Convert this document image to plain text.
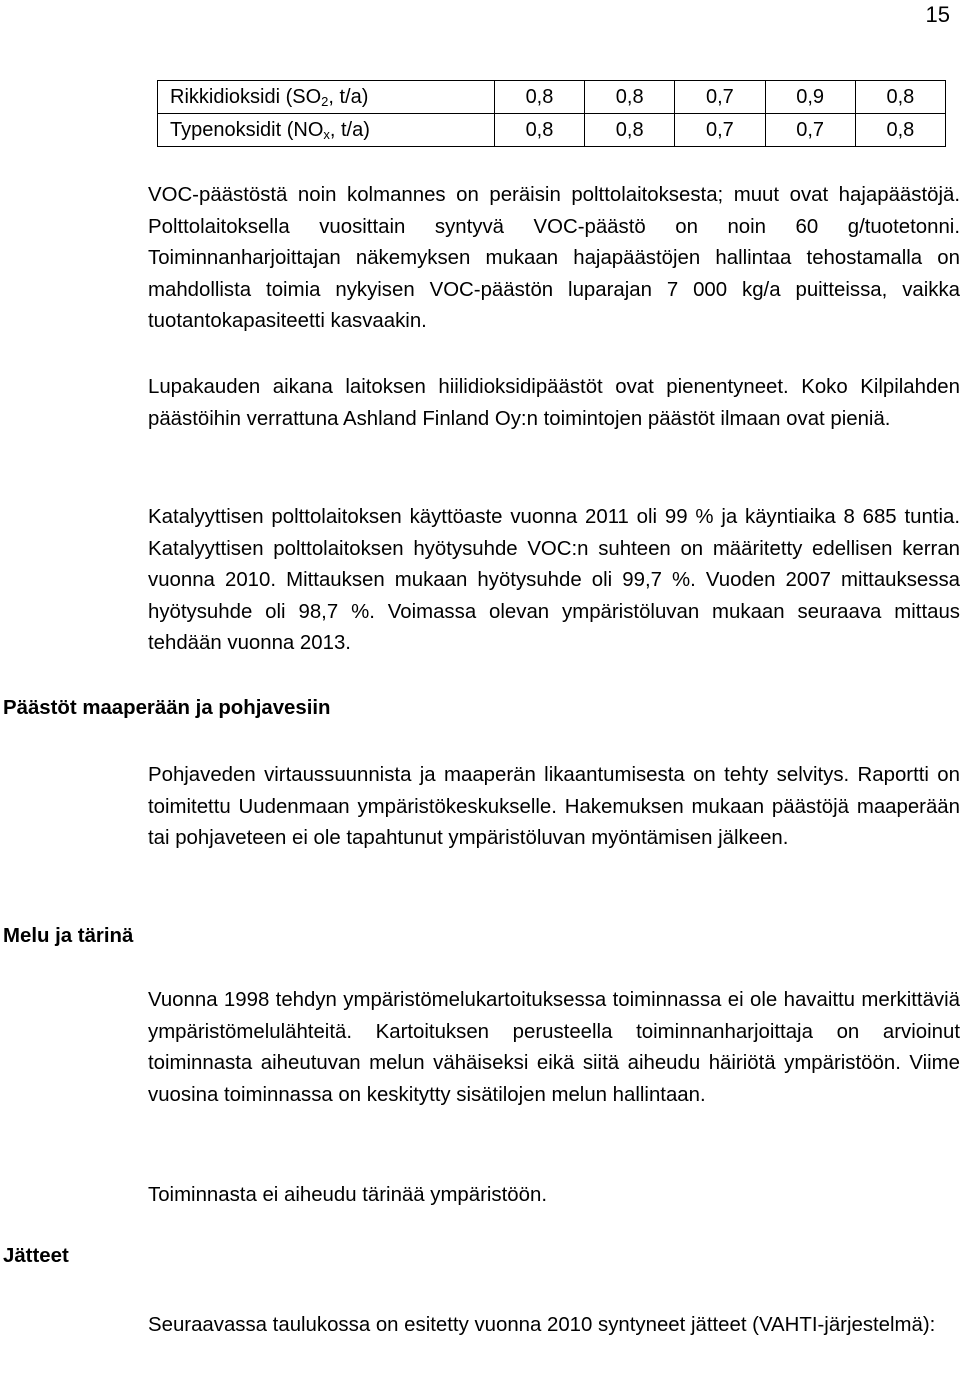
15
Rikkidioksidi ($SO_2$, t/a)	0,8	0,8	0,7	0,9	0,8
Typenoksidit ($NO_x$, t/a)	0,8	0,8	0,7	0,7	0,8

VOC-päästöstä noin kolmannes on peräisin polttolaitoksesta; muut ovat hajapäästöjä. Polttolaitoksella vuosittain syntyvä VOC-päästö on noin 60 g/tuotetonni. Toiminnanharjoittajan näkemyksen mukaan hajapäästöjen hallintaa tehostamalla on mahdollista toimia nykyisen VOC-päästön luparajan 7 000 kg/a puitteissa, vaikka tuotantokapasiteetti kasvaakin.

Lupakauden aikana laitoksen hiilidioksidipäästöt ovat pienentyneet. Koko Kilpilahden päästöihin verrattuna Ashland Finland Oy:n toimintojen päästöt ilmaan ovat pieniä.

Katalyyttisen polttolaitoksen käyttöaste vuonna 2011 oli 99 % ja käyntiaika 8 685 tuntia. Katalyyttisen polttolaitoksen hyötysuhde VOC:n suhteen on määritetty edellisen kerran vuonna 2010. Mittauksen mukaan hyötysuhde oli 99,7 %. Vuoden 2007 mittauksessa hyötysuhde oli 98,7 %. Voimassa olevan ympäristöluvan mukaan seuraava mittaus tehdään vuonna 2013.

Päästöt maaperään ja pohjavesiin

Pohjaveden virtaussuunnista ja maaperän likaantumisesta on tehty selvitys. Raportti on toimitettu Uudenmaan ympäristökeskukselle. Hakemuksen mukaan päästöjä maaperään tai pohjaveteen ei ole tapahtunut ympäristöluvan myöntämisen jälkeen.

Melu ja tärinä

Vuonna 1998 tehdyn ympäristömelukartoituksessa toiminnassa ei ole havaittu merkittäviä ympäristömelulähteitä. Kartoituksen perusteella toiminnanharjoittaja on arvioinut toiminnasta aiheutuvan melun vähäiseksi eikä siitä aiheudu häiriötä ympäristöön. Viime vuosina toiminnassa on keskitytty sisätilojen melun hallintaan.

Toiminnasta ei aiheudu tärinää ympäristöön.

Jätteet

Seuraavassa taulukossa on esitetty vuonna 2010 syntyneet jätteet (VAHTI-järjestelmä):
